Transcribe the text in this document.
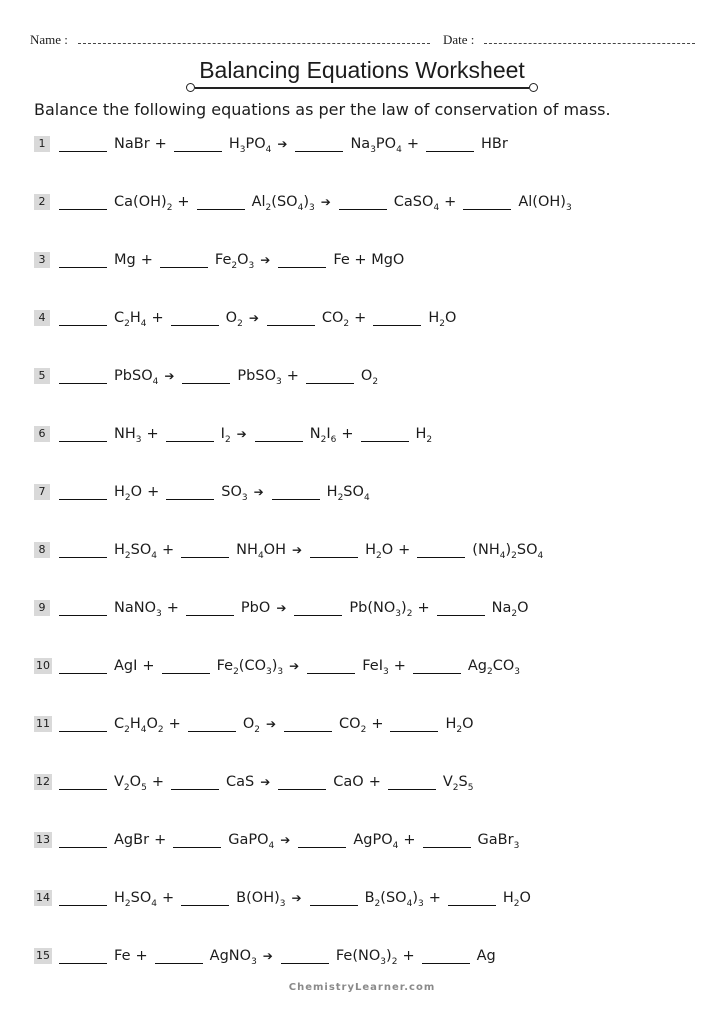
Name :	Date :
Balancing Equations Worksheet
Balance the following equations as per the law of conservation of mass.
1	NaBr +	$H_3PO_4$ ➔	$Na_3PO_4$ +	HBr
2	$Ca(OH)_2$ +	$Al_2(SO_4)_3$ ➔	CaSO$_4$ +	$Al(OH)_3$
3	Mg +	$Fe_2O_3$ ➔	Fe + MgO
4	$C_2H_4$ +	$O_2$ ➔	$CO_2$ +	$H_2O$
5	PbSO$_4$ ➔	PbSO$_3$ +	$O_2$
6	$NH_3$ +	$I_2$ ➔	$N_2I_6$ +	$H_2$
7	$H_2O$ +	$SO_3$ ➔	$H_2SO_4$
8	$H_2SO_4$ +	$NH_4OH$ ➔	$H_2O$ +	$(NH_4)_2SO_4$
9	NaNO$_3$ +	PbO ➔	$Pb(NO_3)_2$ +	$Na_2O$
10	AgI +	$Fe_2(CO_3)_3$ ➔	FeI$_3$ +	$Ag_2CO_3$
11	$C_2H_4O_2$ +	$O_2$ ➔	$CO_2$ +	$H_2O$
12	$V_2O_5$ +	CaS ➔	CaO +	$V_2S_5$
13	AgBr +	GaPO$_4$ ➔	AgPO$_4$ +	GaBr$_3$
14	$H_2SO_4$ +	$B(OH)_3$ ➔	$B_2(SO_4)_3$ +	$H_2O$
15	Fe +	AgNO$_3$ ➔	$Fe(NO_3)_2$ +	Ag
ChemistryLearner.com
